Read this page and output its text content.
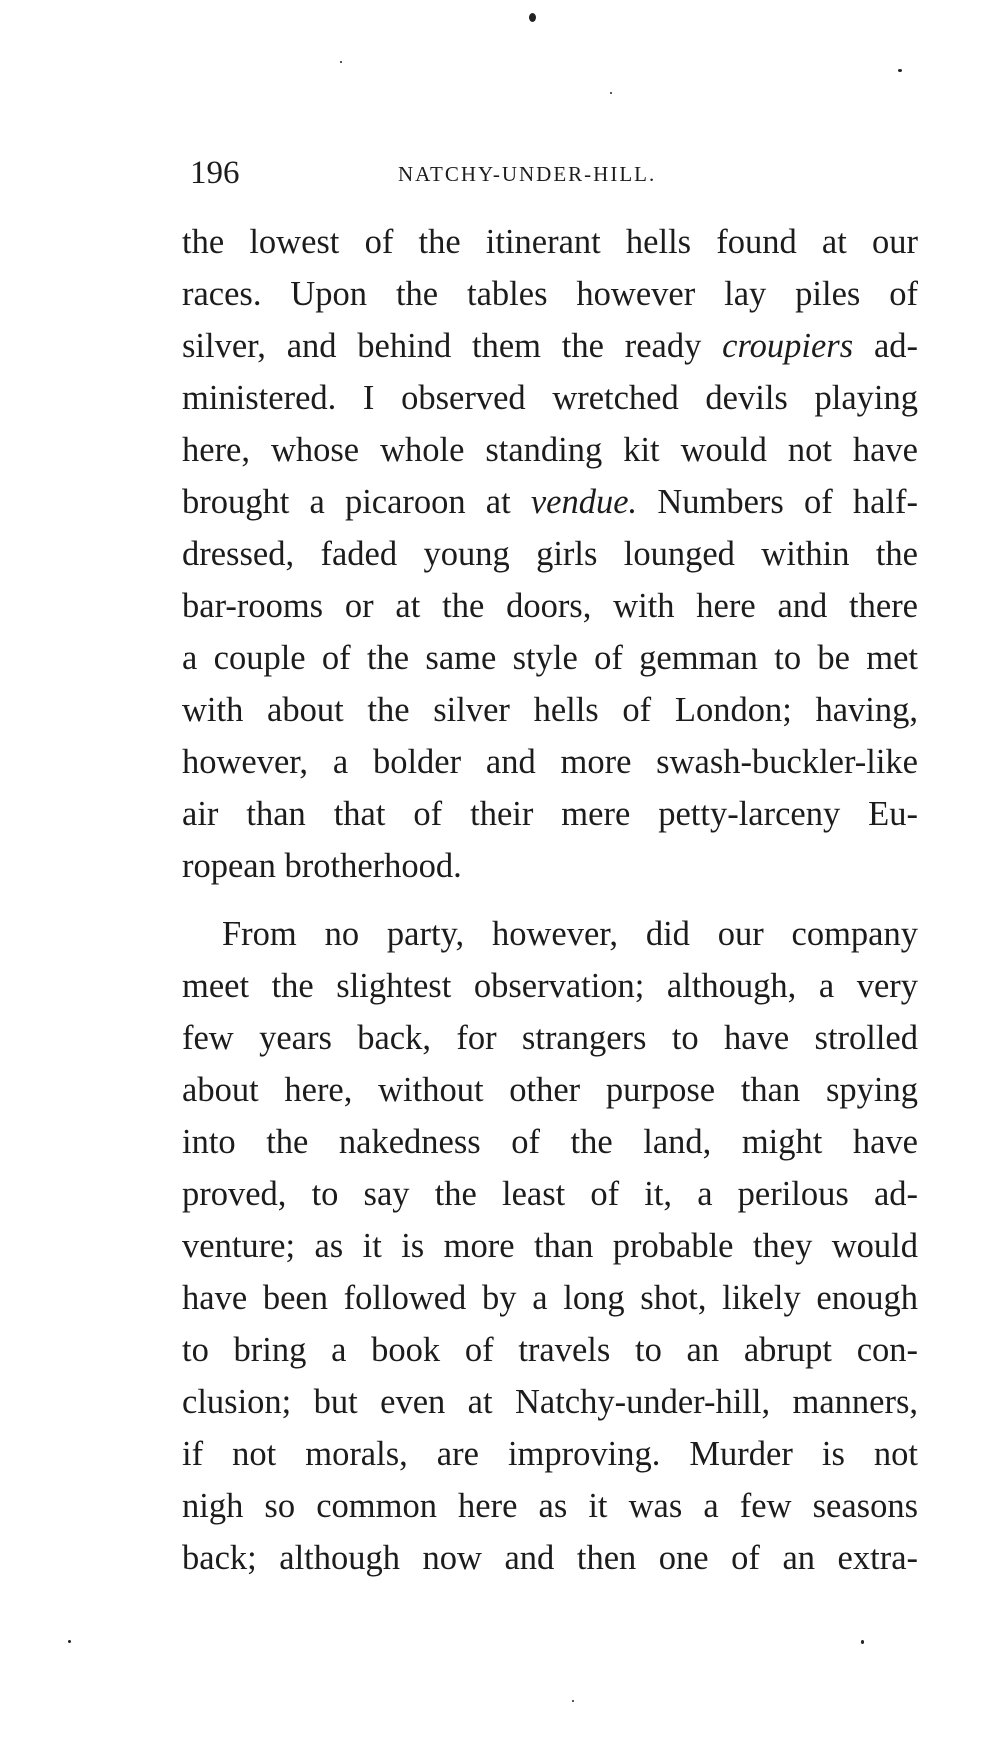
196	NATCHY-UNDER-HILL.
the lowest of the itinerant hells found at our
races. Upon the tables however lay piles of
silver, and behind them the ready croupiers ad-
ministered. I observed wretched devils playing
here, whose whole standing kit would not have
brought a picaroon at vendue. Numbers of half-
dressed, faded young girls lounged within the
bar-rooms or at the doors, with here and there
a couple of the same style of gemman to be met
with about the silver hells of London; having,
however, a bolder and more swash-buckler-like
air than that of their mere petty-larceny Eu-
ropean brotherhood.
From no party, however, did our company
meet the slightest observation; although, a very
few years back, for strangers to have strolled
about here, without other purpose than spying
into the nakedness of the land, might have
proved, to say the least of it, a perilous ad-
venture; as it is more than probable they would
have been followed by a long shot, likely enough
to bring a book of travels to an abrupt con-
clusion; but even at Natchy-under-hill, manners,
if not morals, are improving. Murder is not
nigh so common here as it was a few seasons
back; although now and then one of an extra-
